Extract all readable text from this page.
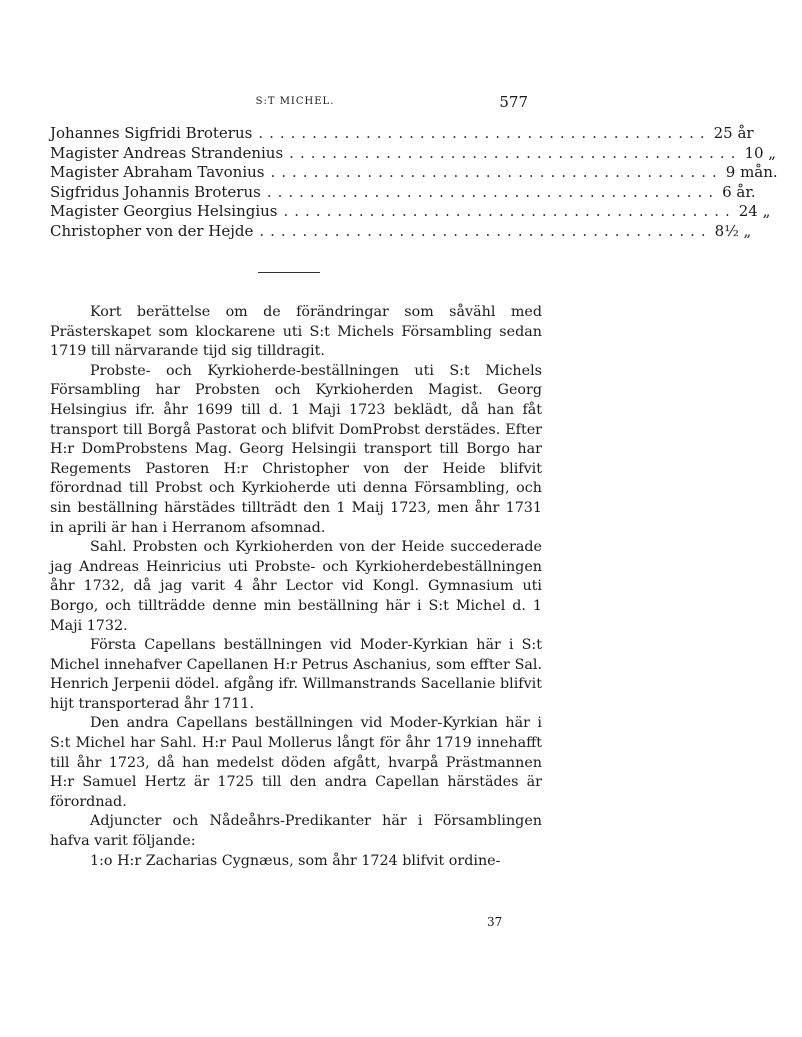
S:T MICHEL.	577
Johannes Sigfridi Broterus .......................................... 25 år
Magister Andreas Strandenius .......................................... 10 „
Magister Abraham Tavonius .......................................... 9 mån.
Sigfridus Johannis Broterus .......................................... 6 år.
Magister Georgius Helsingius .......................................... 24 „
Christopher von der Hejde .......................................... 8½ „

Kort berättelse om de förändringar som såvähl med Prästerskapet som klockarene uti S:t Michels Försambling sedan 1719 till närvarande tijd sig tilldragit.

Probste- och Kyrkioherde-beställningen uti S:t Michels Försambling har Probsten och Kyrkioherden Magist. Georg Helsingius ifr. åhr 1699 till d. 1 Maji 1723 beklädt, då han fåt transport till Borgå Pastorat och blifvit DomProbst derstädes. Efter H:r DomProbstens Mag. Georg Helsingii transport till Borgo har Regements Pastoren H:r Christopher von der Heide blifvit förordnad till Probst och Kyrkioherde uti denna Försambling, och sin beställning härstädes tillträdt den 1 Maij 1723, men åhr 1731 in aprili är han i Herranom afsomnad.

Sahl. Probsten och Kyrkioherden von der Heide succederade jag Andreas Heinricius uti Probste- och Kyrkioherdebeställningen åhr 1732, då jag varit 4 åhr Lector vid Kongl. Gymnasium uti Borgo, och tillträdde denne min beställning här i S:t Michel d. 1 Maji 1732.

Första Capellans beställningen vid Moder-Kyrkian här i S:t Michel innehafver Capellanen H:r Petrus Aschanius, som effter Sal. Henrich Jerpenii dödel. afgång ifr. Willmanstrands Sacellanie blifvit hijt transporterad åhr 1711.

Den andra Capellans beställningen vid Moder-Kyrkian här i S:t Michel har Sahl. H:r Paul Mollerus långt för åhr 1719 innehafft till åhr 1723, då han medelst döden afgått, hvarpå Prästmannen H:r Samuel Hertz är 1725 till den andra Capellan härstädes är förordnad.

Adjuncter och Nådeåhrs-Predikanter här i Församblingen hafva varit följande:

1:o H:r Zacharias Cygnæus, som åhr 1724 blifvit ordine-

37
